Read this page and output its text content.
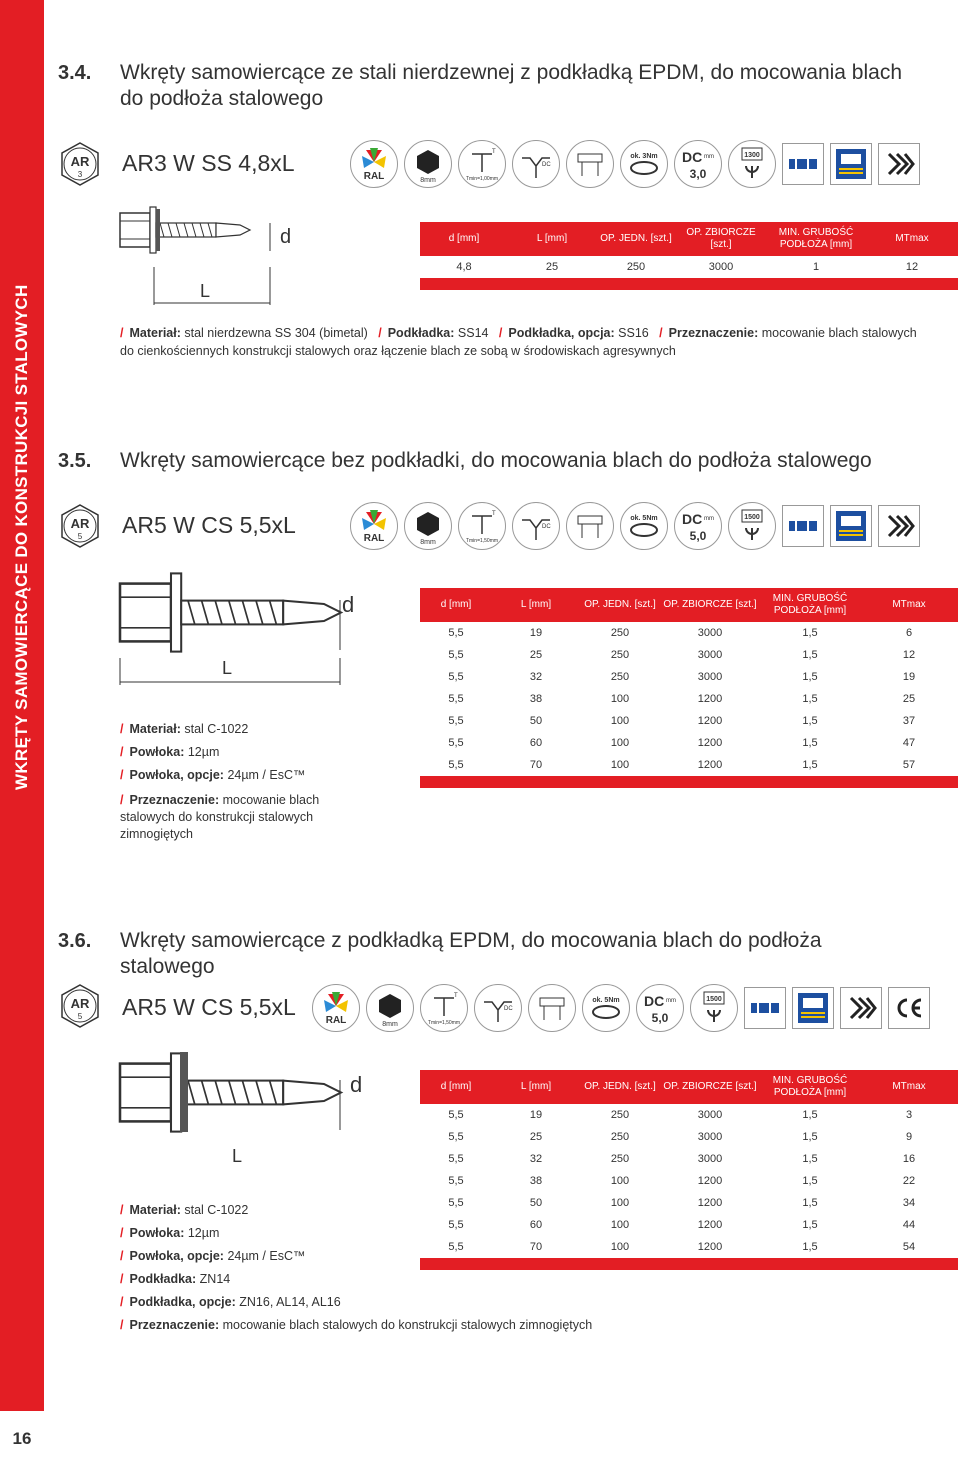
WKRĘTY SAMOWIERCĄCE DO KONSTRUKCJI STALOWYCH
16
3.4. Wkręty samowiercące ze stali nierdzewnej z podkładką EPDM, do mocowania blach do podłoża stalowego
AR
3 AR3 W SS 4,8xL
RAL	8mm
T
Tmin=1,00mm
DC
ok. 3Nm DC mm
3,0
1300
d
L
d [mm]	L [mm]	OP. JEDN. [szt.]	OP. ZBIORCZE [szt.]	MIN. GRUBOŚĆ PODŁOŻA [mm]	MTmax
4,8	25	250	3000	1	12

/ Materiał: stal nierdzewna SS 304 (bimetal) / Podkładka: SS14 / Podkładka, opcja: SS16 / Przeznaczenie: mocowanie blach stalowych
do cienkościennych konstrukcji stalowych oraz łączenie blach ze sobą w środowiskach agresywnych
3.5. Wkręty samowiercące bez podkładki, do mocowania blach do podłoża stalowego
AR
5 AR5 W CS 5,5xL
RAL	8mm
T
Tmin=1,50mm
DC
ok. 5Nm DC mm
5,0
1500
d
L
d [mm]	L [mm]	OP. JEDN. [szt.]	OP. ZBIORCZE [szt.]	MIN. GRUBOŚĆ PODŁOŻA [mm]	MTmax
5,5	19	250	3000	1,5	6
5,5	25	250	3000	1,5	12
5,5	32	250	3000	1,5	19
5,5	38	100	1200	1,5	25
5,5	50	100	1200	1,5	37
5,5	60	100	1200	1,5	47
5,5	70	100	1200	1,5	57

/ Materiał: stal C-1022
/ Powłoka: 12µm
/ Powłoka, opcje: 24µm / EsC™
/ Przeznaczenie: mocowanie blach
stalowych do konstrukcji stalowych
zimnogiętych
3.6. Wkręty samowiercące z podkładką EPDM, do mocowania blach do podłoża stalowego
AR
5 AR5 W CS 5,5xL
RAL	8mm
T
Tmin=1,50mm
DC
ok. 5Nm DC mm
5,0
1500
d
L
d [mm]	L [mm]	OP. JEDN. [szt.]	OP. ZBIORCZE [szt.]	MIN. GRUBOŚĆ PODŁOŻA [mm]	MTmax
5,5	19	250	3000	1,5	3
5,5	25	250	3000	1,5	9
5,5	32	250	3000	1,5	16
5,5	38	100	1200	1,5	22
5,5	50	100	1200	1,5	34
5,5	60	100	1200	1,5	44
5,5	70	100	1200	1,5	54

/ Materiał: stal C-1022
/ Powłoka: 12µm
/ Powłoka, opcje: 24µm / EsC™
/ Podkładka: ZN14
/ Podkładka, opcje: ZN16, AL14, AL16
/ Przeznaczenie: mocowanie blach stalowych do konstrukcji stalowych zimnogiętych
